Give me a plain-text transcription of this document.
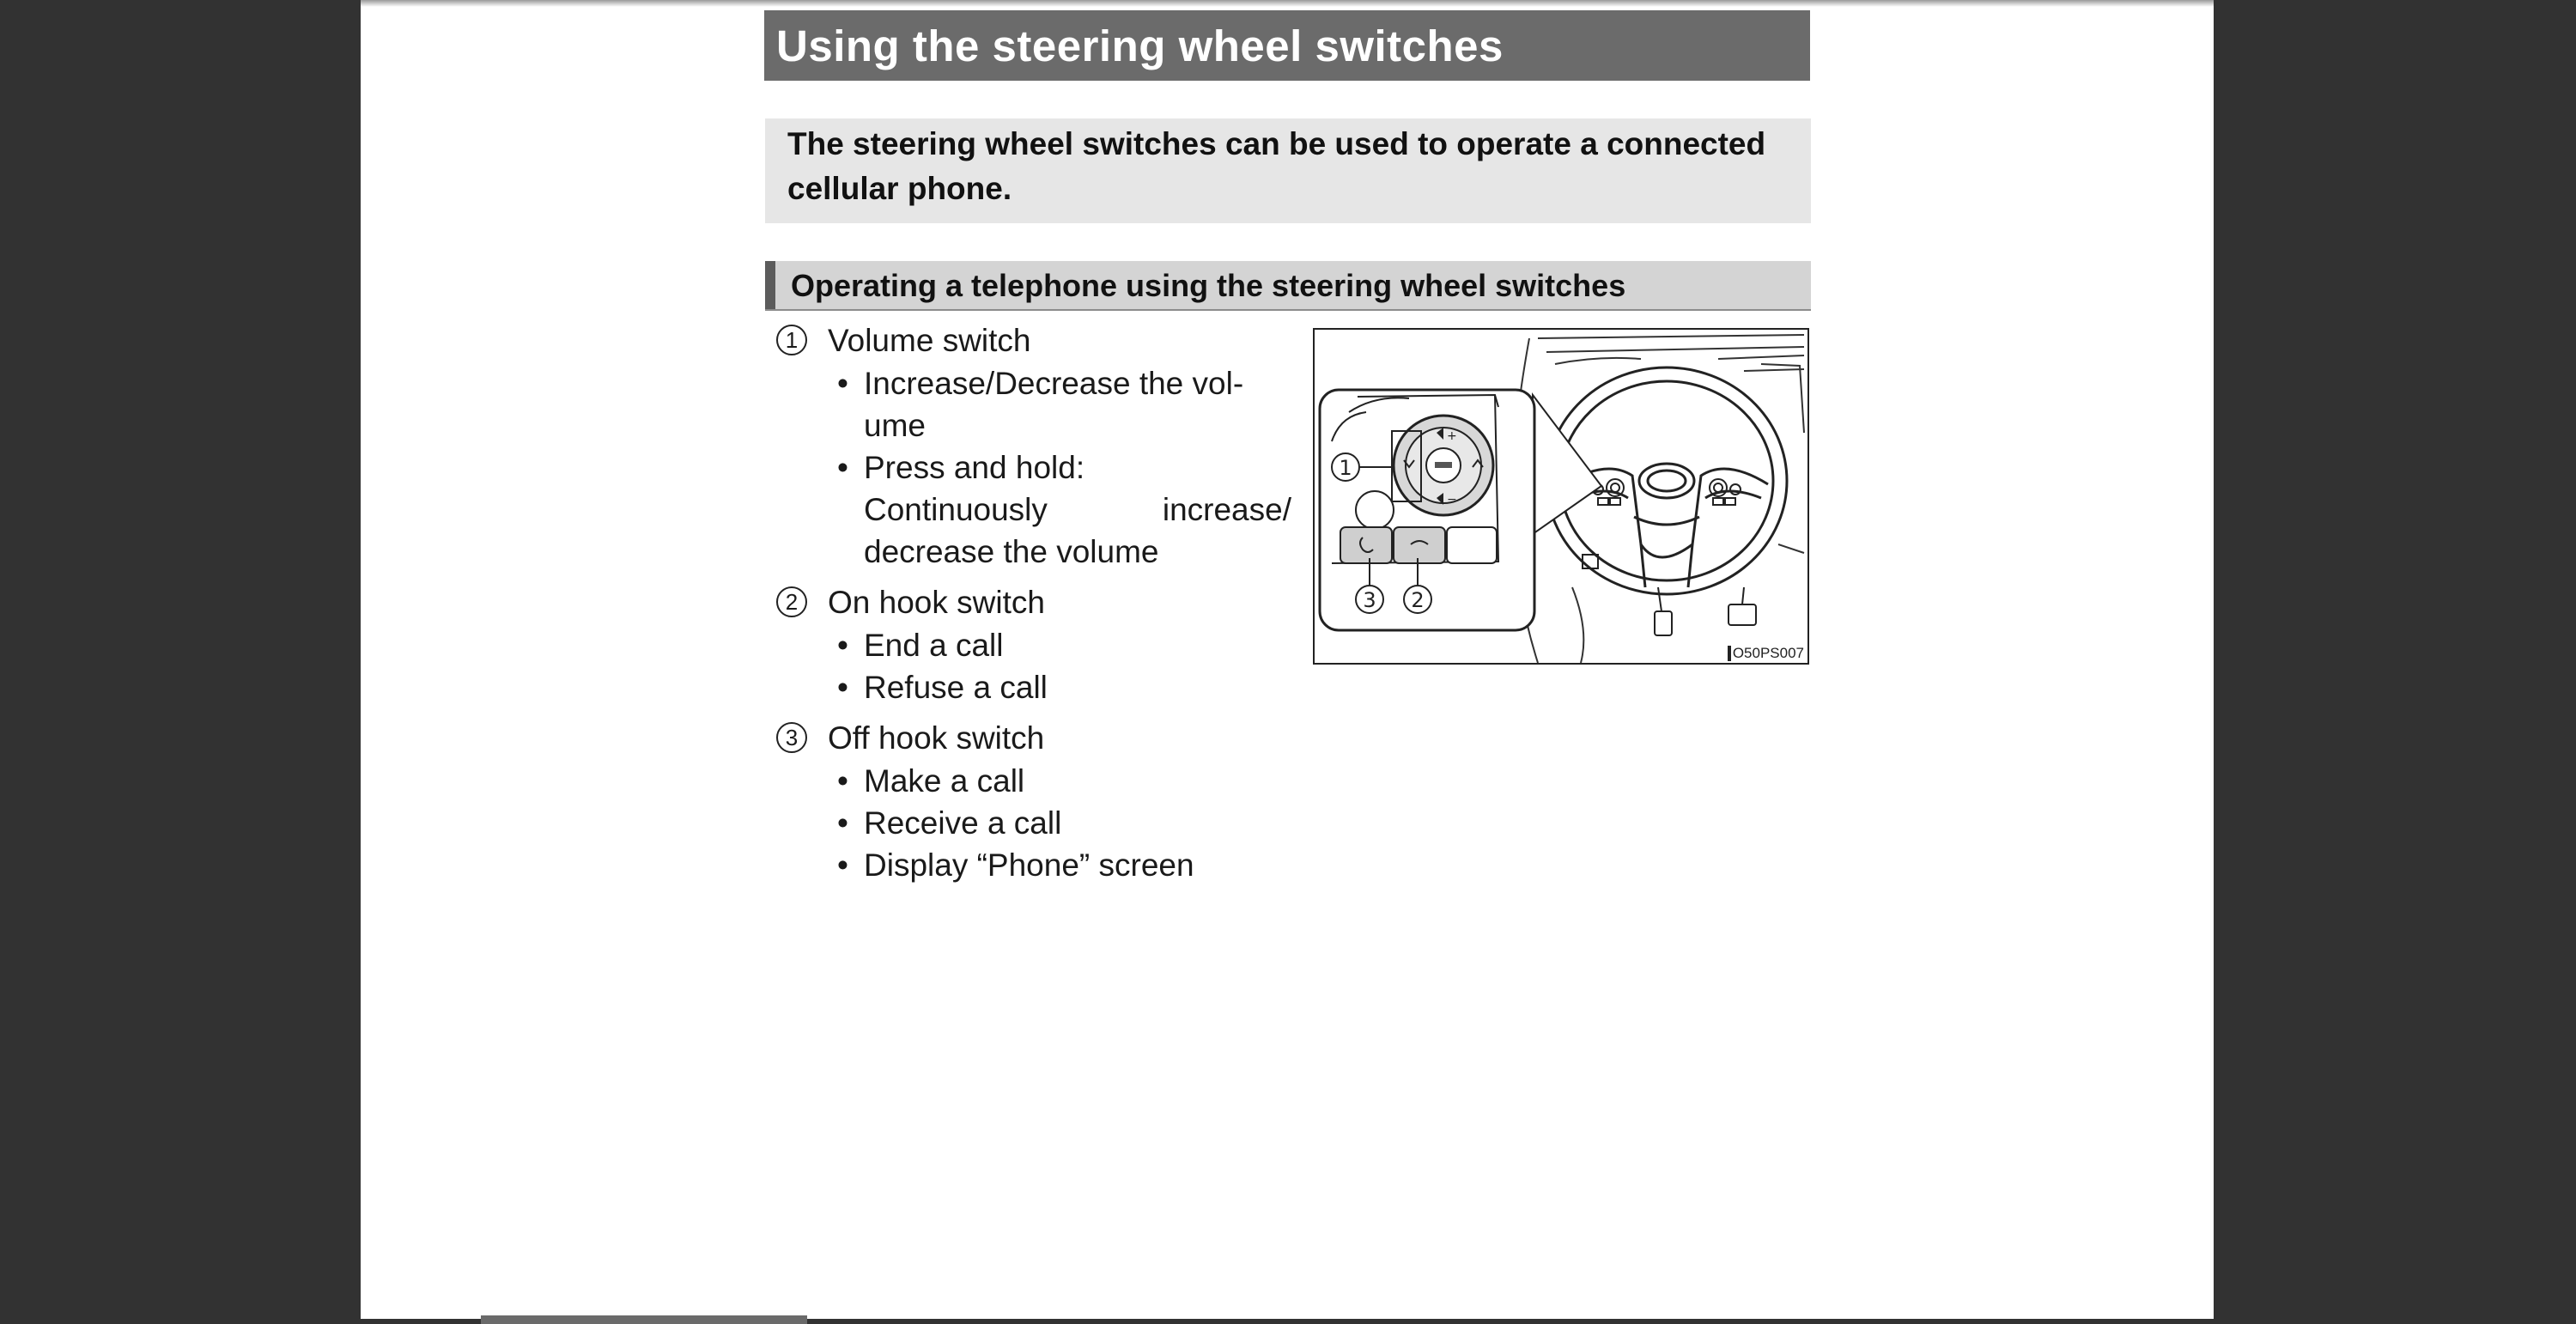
Using the steering wheel switches

The steering wheel switches can be used to operate a connected cellular phone.

Operating a telephone using the steering wheel switches
1 Volume switch
• Increase/Decrease the vol-
ume
• Press and hold:
Continuously increase/
decrease the volume
2 On hook switch
• End a call
• Refuse a call
3 Off hook switch
• Make a call
• Receive a call
• Display “Phone” screen
+
−
1
3 2
O50PS007
